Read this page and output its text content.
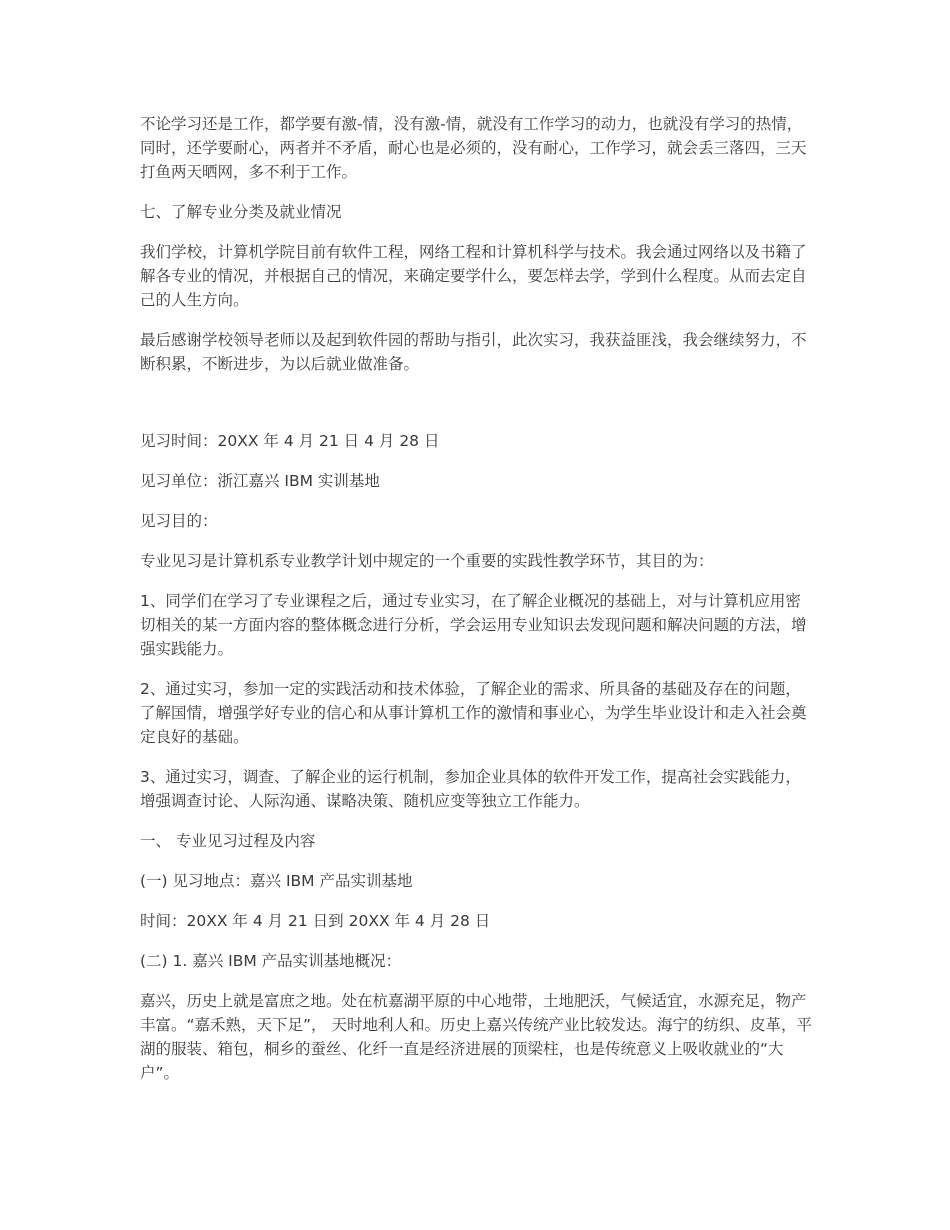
不论学习还是工作，都学要有激-情，没有激-情，就没有工作学习的动力，也就没有学习的热情，同时，还学要耐心，两者并不矛盾，耐心也是必须的，没有耐心，工作学习，就会丢三落四，三天打鱼两天晒网，多不利于工作。

七、了解专业分类及就业情况

我们学校，计算机学院目前有软件工程，网络工程和计算机科学与技术。我会通过网络以及书籍了解各专业的情况，并根据自己的情况，来确定要学什么，要怎样去学，学到什么程度。从而去定自己的人生方向。

最后感谢学校领导老师以及起到软件园的帮助与指引，此次实习，我获益匪浅，我会继续努力，不断积累，不断进步，为以后就业做准备。

见习时间：20XX 年 4 月 21 日 4 月 28 日

见习单位：浙江嘉兴 IBM 实训基地

见习目的：

专业见习是计算机系专业教学计划中规定的一个重要的实践性教学环节，其目的为：

1、同学们在学习了专业课程之后，通过专业实习，在了解企业概况的基础上，对与计算机应用密切相关的某一方面内容的整体概念进行分析，学会运用专业知识去发现问题和解决问题的方法，增强实践能力。

2、通过实习，参加一定的实践活动和技术体验，了解企业的需求、所具备的基础及存在的问题，了解国情，增强学好专业的信心和从事计算机工作的激情和事业心，为学生毕业设计和走入社会奠定良好的基础。

3、通过实习，调查、了解企业的运行机制，参加企业具体的软件开发工作，提高社会实践能力，增强调查讨论、人际沟通、谋略决策、随机应变等独立工作能力。

一、 专业见习过程及内容

(一) 见习地点：嘉兴 IBM 产品实训基地

时间：20XX 年 4 月 21 日到 20XX 年 4 月 28 日

(二) 1. 嘉兴 IBM 产品实训基地概况：

嘉兴，历史上就是富庶之地。处在杭嘉湖平原的中心地带，土地肥沃，气候适宜，水源充足，物产丰富。“嘉禾熟，天下足”， 天时地利人和。历史上嘉兴传统产业比较发达。海宁的纺织、皮革，平湖的服装、箱包，桐乡的蚕丝、化纤一直是经济进展的顶梁柱，也是传统意义上吸收就业的“大户”。
